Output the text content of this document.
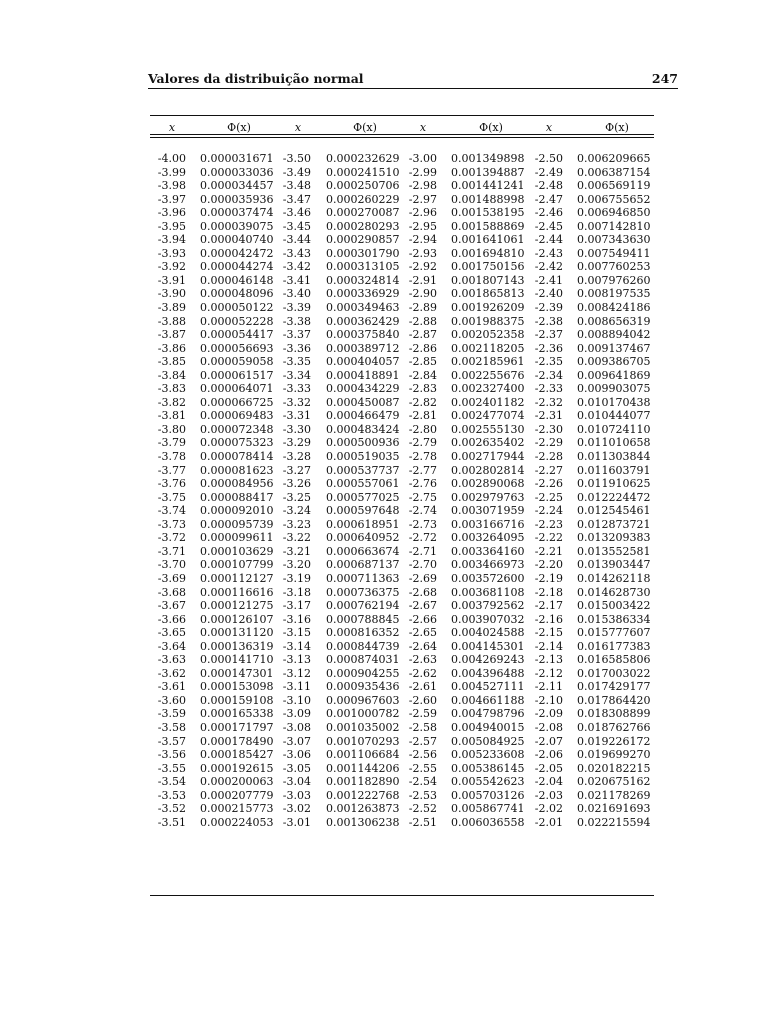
Valores da distribuição normal	247
x	Φ(x)	x	Φ(x)	x	Φ(x)	x	Φ(x)
-4.00 0.000031671 -3.50 0.000232629 -3.00 0.001349898 -2.50 0.006209665
-3.99 0.000033036 -3.49 0.000241510 -2.99 0.001394887 -2.49 0.006387154
-3.98 0.000034457 -3.48 0.000250706 -2.98 0.001441241 -2.48 0.006569119
-3.97 0.000035936 -3.47 0.000260229 -2.97 0.001488998 -2.47 0.006755652
-3.96 0.000037474 -3.46 0.000270087 -2.96 0.001538195 -2.46 0.006946850
-3.95 0.000039075 -3.45 0.000280293 -2.95 0.001588869 -2.45 0.007142810
-3.94 0.000040740 -3.44 0.000290857 -2.94 0.001641061 -2.44 0.007343630
-3.93 0.000042472 -3.43 0.000301790 -2.93 0.001694810 -2.43 0.007549411
-3.92 0.000044274 -3.42 0.000313105 -2.92 0.001750156 -2.42 0.007760253
-3.91 0.000046148 -3.41 0.000324814 -2.91 0.001807143 -2.41 0.007976260
-3.90 0.000048096 -3.40 0.000336929 -2.90 0.001865813 -2.40 0.008197535
-3.89 0.000050122 -3.39 0.000349463 -2.89 0.001926209 -2.39 0.008424186
-3.88 0.000052228 -3.38 0.000362429 -2.88 0.001988375 -2.38 0.008656319
-3.87 0.000054417 -3.37 0.000375840 -2.87 0.002052358 -2.37 0.008894042
-3.86 0.000056693 -3.36 0.000389712 -2.86 0.002118205 -2.36 0.009137467
-3.85 0.000059058 -3.35 0.000404057 -2.85 0.002185961 -2.35 0.009386705
-3.84 0.000061517 -3.34 0.000418891 -2.84 0.002255676 -2.34 0.009641869
-3.83 0.000064071 -3.33 0.000434229 -2.83 0.002327400 -2.33 0.009903075
-3.82 0.000066725 -3.32 0.000450087 -2.82 0.002401182 -2.32 0.010170438
-3.81 0.000069483 -3.31 0.000466479 -2.81 0.002477074 -2.31 0.010444077
-3.80 0.000072348 -3.30 0.000483424 -2.80 0.002555130 -2.30 0.010724110
-3.79 0.000075323 -3.29 0.000500936 -2.79 0.002635402 -2.29 0.011010658
-3.78 0.000078414 -3.28 0.000519035 -2.78 0.002717944 -2.28 0.011303844
-3.77 0.000081623 -3.27 0.000537737 -2.77 0.002802814 -2.27 0.011603791
-3.76 0.000084956 -3.26 0.000557061 -2.76 0.002890068 -2.26 0.011910625
-3.75 0.000088417 -3.25 0.000577025 -2.75 0.002979763 -2.25 0.012224472
-3.74 0.000092010 -3.24 0.000597648 -2.74 0.003071959 -2.24 0.012545461
-3.73 0.000095739 -3.23 0.000618951 -2.73 0.003166716 -2.23 0.012873721
-3.72 0.000099611 -3.22 0.000640952 -2.72 0.003264095 -2.22 0.013209383
-3.71 0.000103629 -3.21 0.000663674 -2.71 0.003364160 -2.21 0.013552581
-3.70 0.000107799 -3.20 0.000687137 -2.70 0.003466973 -2.20 0.013903447
-3.69 0.000112127 -3.19 0.000711363 -2.69 0.003572600 -2.19 0.014262118
-3.68 0.000116616 -3.18 0.000736375 -2.68 0.003681108 -2.18 0.014628730
-3.67 0.000121275 -3.17 0.000762194 -2.67 0.003792562 -2.17 0.015003422
-3.66 0.000126107 -3.16 0.000788845 -2.66 0.003907032 -2.16 0.015386334
-3.65 0.000131120 -3.15 0.000816352 -2.65 0.004024588 -2.15 0.015777607
-3.64 0.000136319 -3.14 0.000844739 -2.64 0.004145301 -2.14 0.016177383
-3.63 0.000141710 -3.13 0.000874031 -2.63 0.004269243 -2.13 0.016585806
-3.62 0.000147301 -3.12 0.000904255 -2.62 0.004396488 -2.12 0.017003022
-3.61 0.000153098 -3.11 0.000935436 -2.61 0.004527111 -2.11 0.017429177
-3.60 0.000159108 -3.10 0.000967603 -2.60 0.004661188 -2.10 0.017864420
-3.59 0.000165338 -3.09 0.001000782 -2.59 0.004798796 -2.09 0.018308899
-3.58 0.000171797 -3.08 0.001035002 -2.58 0.004940015 -2.08 0.018762766
-3.57 0.000178490 -3.07 0.001070293 -2.57 0.005084925 -2.07 0.019226172
-3.56 0.000185427 -3.06 0.001106684 -2.56 0.005233608 -2.06 0.019699270
-3.55 0.000192615 -3.05 0.001144206 -2.55 0.005386145 -2.05 0.020182215
-3.54 0.000200063 -3.04 0.001182890 -2.54 0.005542623 -2.04 0.020675162
-3.53 0.000207779 -3.03 0.001222768 -2.53 0.005703126 -2.03 0.021178269
-3.52 0.000215773 -3.02 0.001263873 -2.52 0.005867741 -2.02 0.021691693
-3.51 0.000224053 -3.01 0.001306238 -2.51 0.006036558 -2.01 0.022215594
